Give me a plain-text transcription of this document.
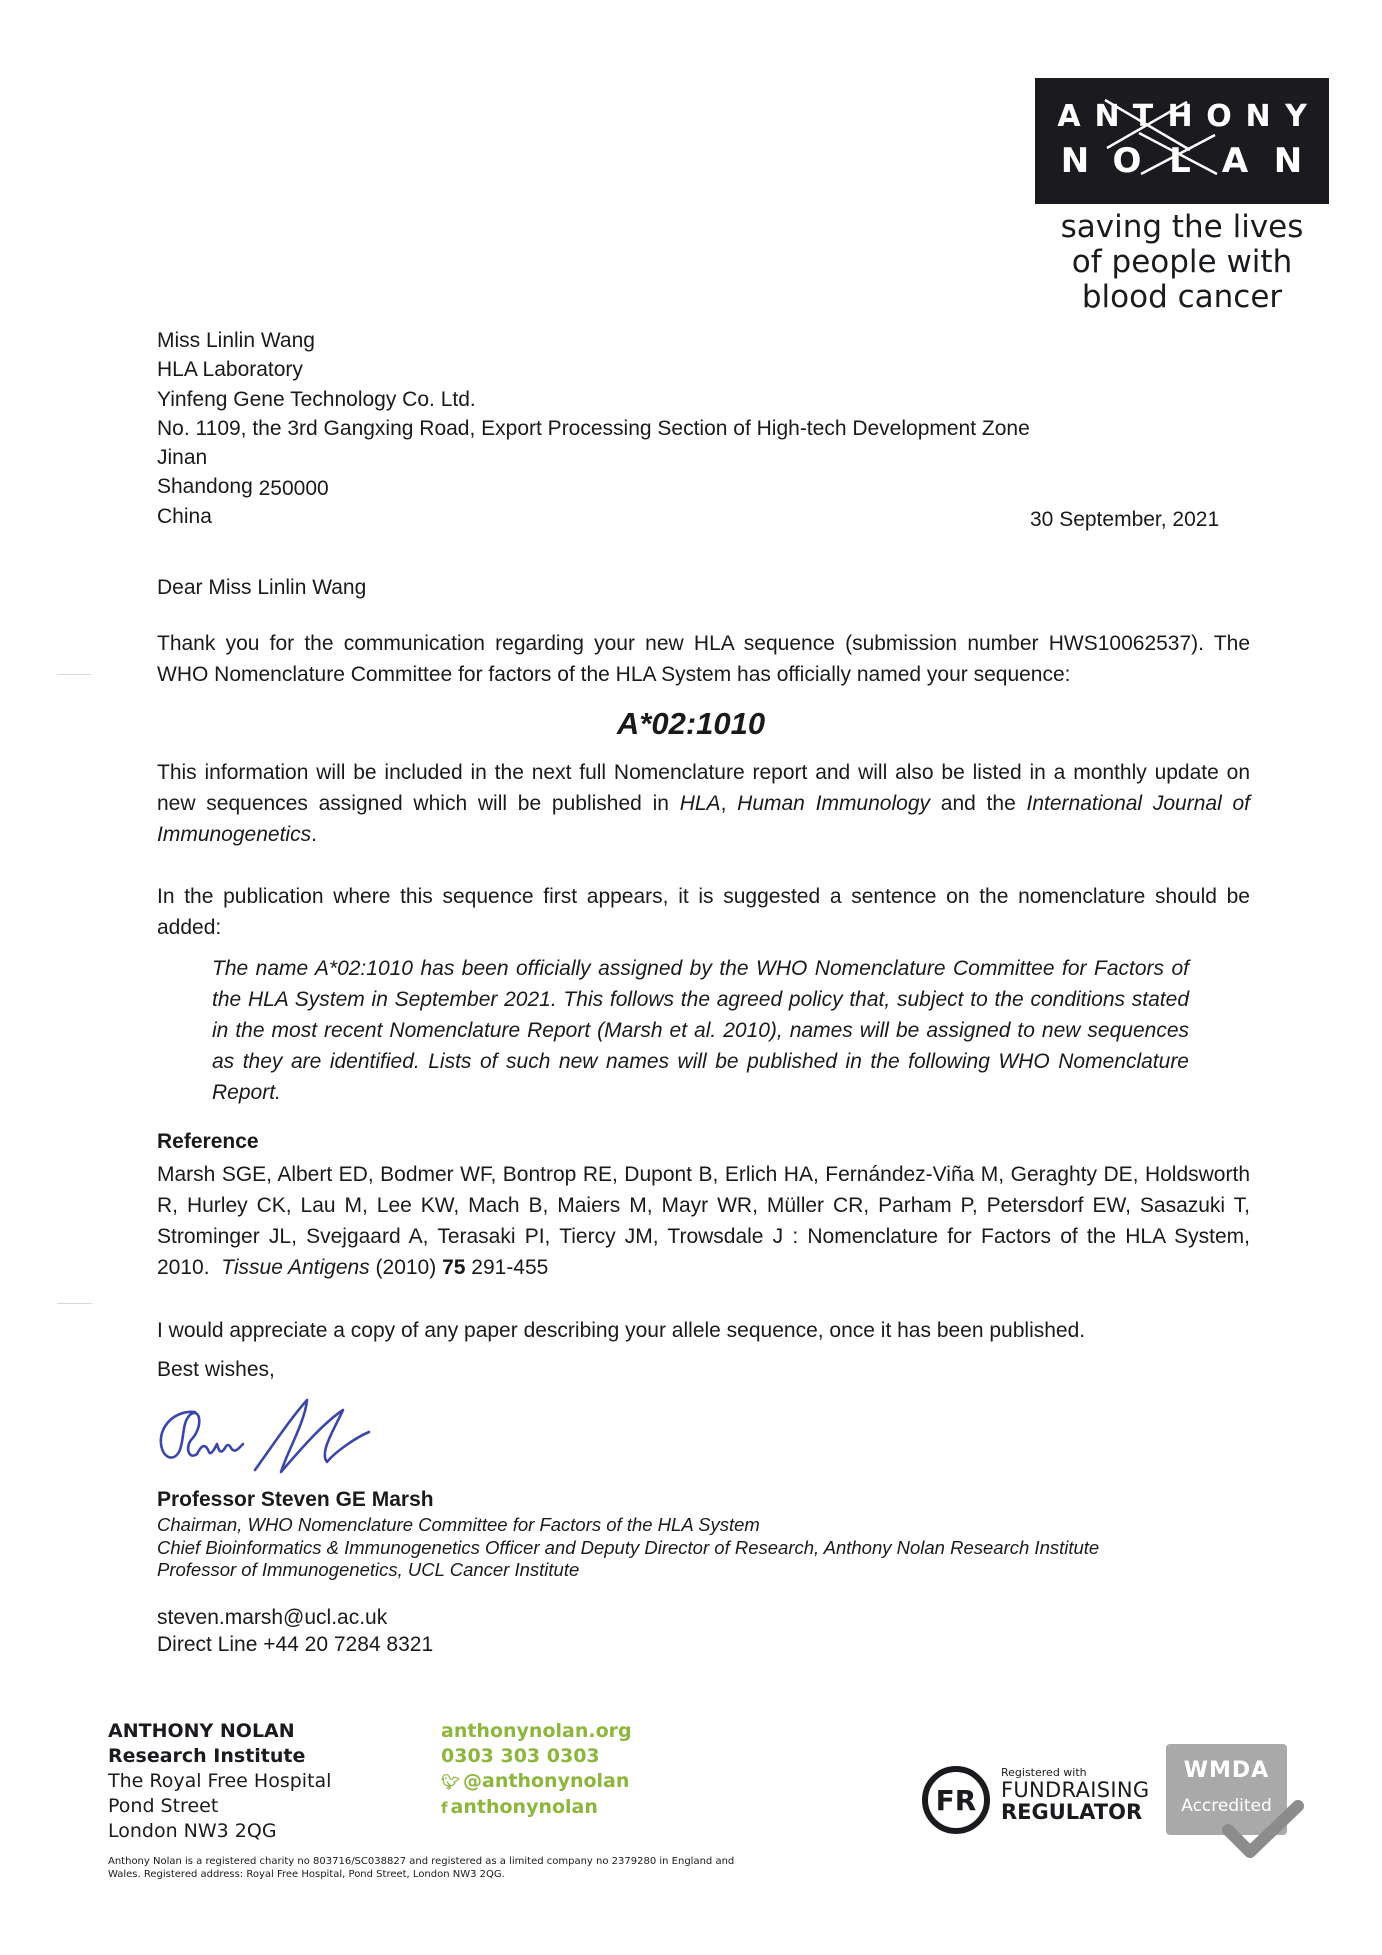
A N T H O N Y
N O L A N
saving the lives
of people with
blood cancer
Miss Linlin Wang
HLA Laboratory
Yinfeng Gene Technology Co. Ltd.
No. 1109, the 3rd Gangxing Road, Export Processing Section of High-tech Development Zone
Jinan
Shandong 250000
China	30 September, 2021
Dear Miss Linlin Wang
Thank you for the communication regarding your new HLA sequence (submission number HWS10062537). The WHO Nomenclature Committee for factors of the HLA System has officially named your sequence:
A*02:1010
This information will be included in the next full Nomenclature report and will also be listed in a monthly update on new sequences assigned which will be published in HLA, Human Immunology and the International Journal of Immunogenetics.
In the publication where this sequence first appears, it is suggested a sentence on the nomenclature should be added:
The name A*02:1010 has been officially assigned by the WHO Nomenclature Committee for Factors of the HLA System in September 2021. This follows the agreed policy that, subject to the conditions stated in the most recent Nomenclature Report (Marsh et al. 2010), names will be assigned to new sequences as they are identified. Lists of such new names will be published in the following WHO Nomenclature Report.
Reference
Marsh SGE, Albert ED, Bodmer WF, Bontrop RE, Dupont B, Erlich HA, Fernández-Viña M, Geraghty DE, Holdsworth R, Hurley CK, Lau M, Lee KW, Mach B, Maiers M, Mayr WR, Müller CR, Parham P, Petersdorf EW, Sasazuki T, Strominger JL, Svejgaard A, Terasaki PI, Tiercy JM, Trowsdale J : Nomenclature for Factors of the HLA System, 2010. Tissue Antigens (2010) 75 291-455
I would appreciate a copy of any paper describing your allele sequence, once it has been published.
Best wishes,
Professor Steven GE Marsh
Chairman, WHO Nomenclature Committee for Factors of the HLA System
Chief Bioinformatics & Immunogenetics Officer and Deputy Director of Research, Anthony Nolan Research Institute
Professor of Immunogenetics, UCL Cancer Institute
steven.marsh@ucl.ac.uk
Direct Line +44 20 7284 8321
ANTHONY NOLAN
Research Institute
The Royal Free Hospital
Pond Street
London NW3 2QG
anthonynolan.org
0303 303 0303
🐦︎ @anthonynolan
f anthonynolan
Anthony Nolan is a registered charity no 803716/SC038827 and registered as a limited company no 2379280 in England and Wales. Registered address: Royal Free Hospital, Pond Street, London NW3 2QG.
FR
Registered with
FUNDRAISING
REGULATOR
WMDA
Accredited
